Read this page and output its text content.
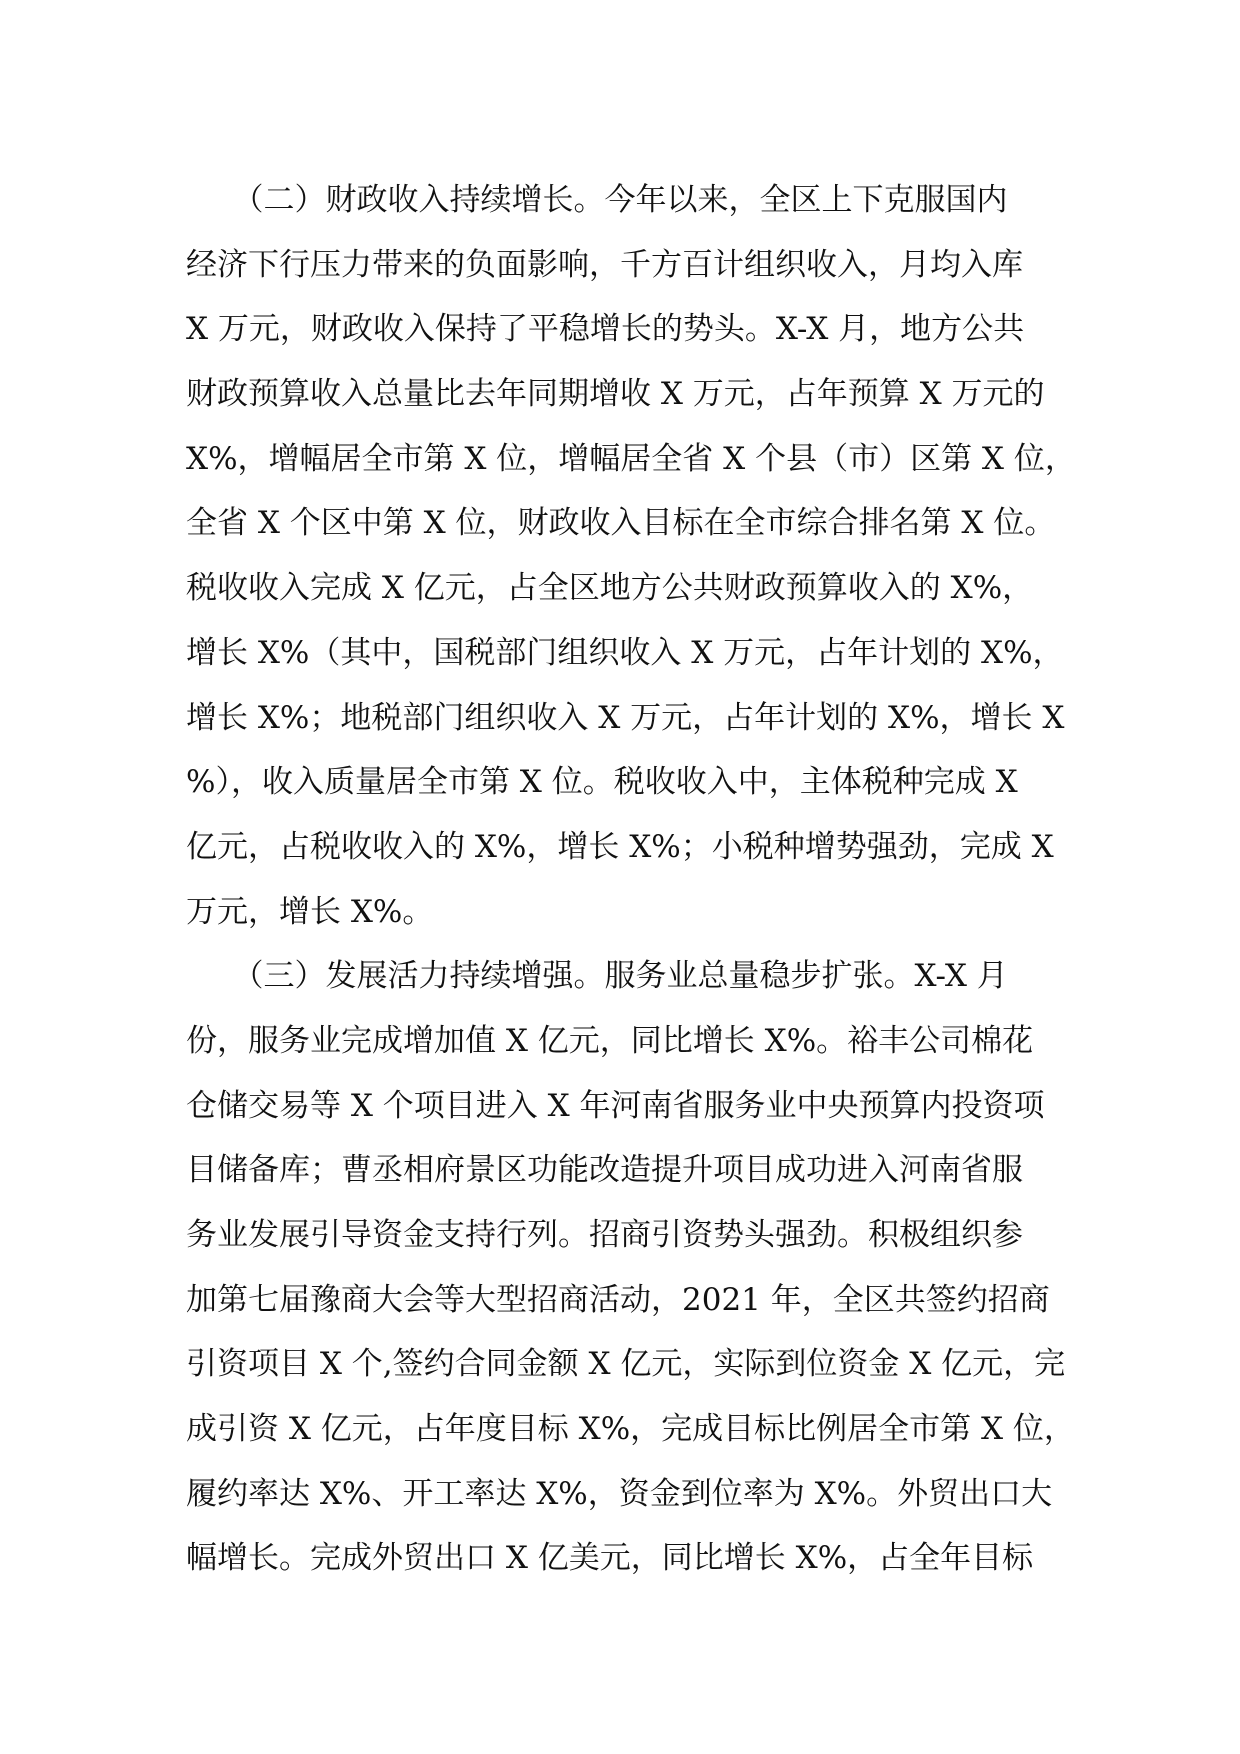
　　（二）财政收入持续增长。今年以来，全区上下克服国内
经济下行压力带来的负面影响，千方百计组织收入，月均入库
X 万元，财政收入保持了平稳增长的势头。X-X 月，地方公共
财政预算收入总量比去年同期增收 X 万元，占年预算 X 万元的
X%，增幅居全市第 X 位，增幅居全省 X 个县（市）区第 X 位，
全省 X 个区中第 X 位，财政收入目标在全市综合排名第 X 位。
税收收入完成 X 亿元，占全区地方公共财政预算收入的 X%，
增长 X%（其中，国税部门组织收入 X 万元，占年计划的 X%，
增长 X%；地税部门组织收入 X 万元，占年计划的 X%，增长 X
%），收入质量居全市第 X 位。税收收入中，主体税种完成 X
亿元，占税收收入的 X%，增长 X%；小税种增势强劲，完成 X
万元，增长 X%。
　　（三）发展活力持续增强。服务业总量稳步扩张。X-X 月
份，服务业完成增加值 X 亿元，同比增长 X%。裕丰公司棉花
仓储交易等 X 个项目进入 X 年河南省服务业中央预算内投资项
目储备库；曹丞相府景区功能改造提升项目成功进入河南省服
务业发展引导资金支持行列。招商引资势头强劲。积极组织参
加第七届豫商大会等大型招商活动，2021 年，全区共签约招商
引资项目 X 个,签约合同金额 X 亿元，实际到位资金 X 亿元，完
成引资 X 亿元，占年度目标 X%，完成目标比例居全市第 X 位，
履约率达 X%、开工率达 X%，资金到位率为 X%。外贸出口大
幅增长。完成外贸出口 X 亿美元，同比增长 X%，占全年目标
